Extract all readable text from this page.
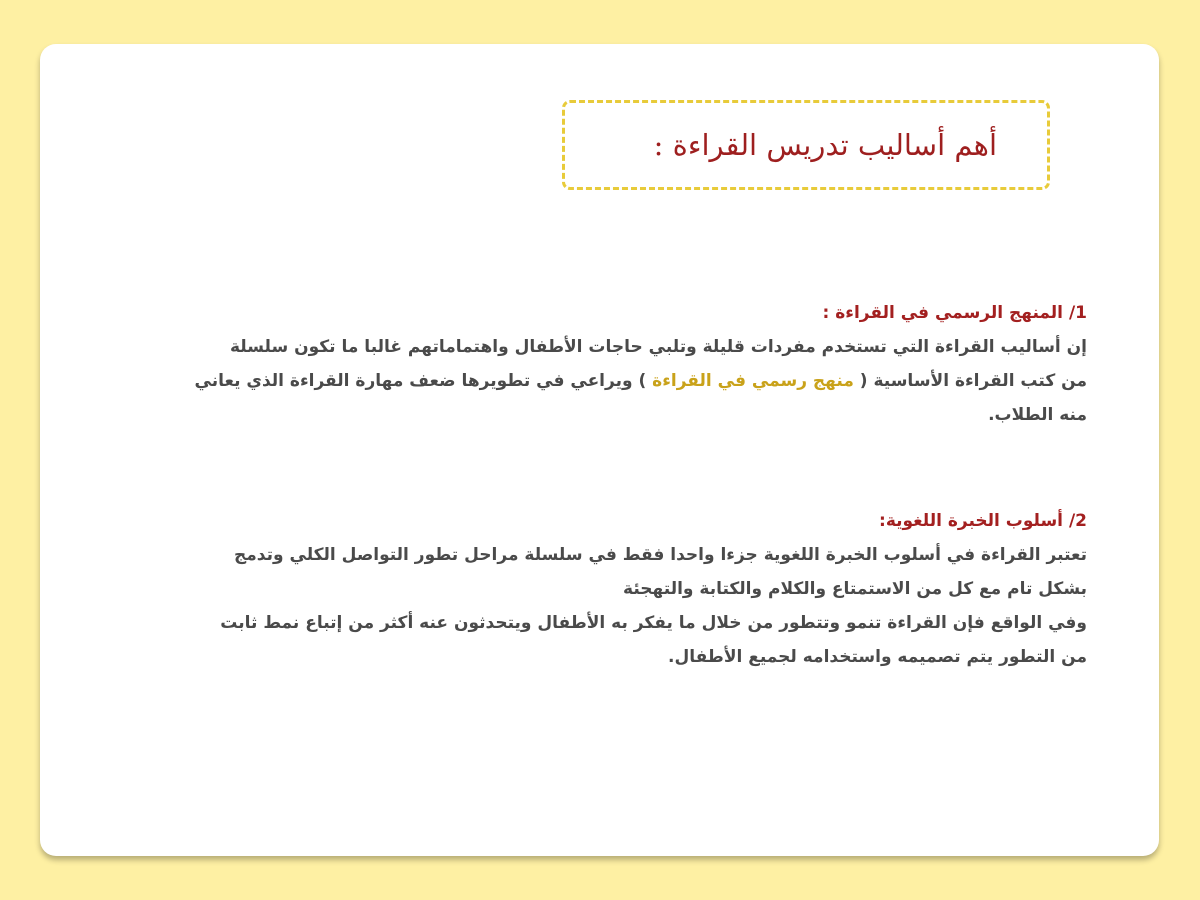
أهم أساليب تدريس القراءة :
1/ المنهج الرسمي في القراءة :
إن أساليب القراءة التي تستخدم مفردات قليلة وتلبي حاجات الأطفال واهتماماتهم غالبا ما تكون سلسلة
من كتب القراءة الأساسية ( منهج رسمي في القراءة ) ويراعي في تطويرها ضعف مهارة القراءة الذي يعاني
منه الطلاب.
2/ أسلوب الخبرة اللغوية:
تعتبر القراءة في أسلوب الخبرة اللغوية جزءا واحدا فقط في سلسلة مراحل تطور التواصل الكلي وتدمج
بشكل تام مع كل من الاستمتاع والكلام والكتابة والتهجئة
وفي الواقع فإن القراءة تنمو وتتطور من خلال ما يفكر به الأطفال ويتحدثون عنه أكثر من إتباع نمط ثابت
من التطور يتم تصميمه واستخدامه لجميع الأطفال.
